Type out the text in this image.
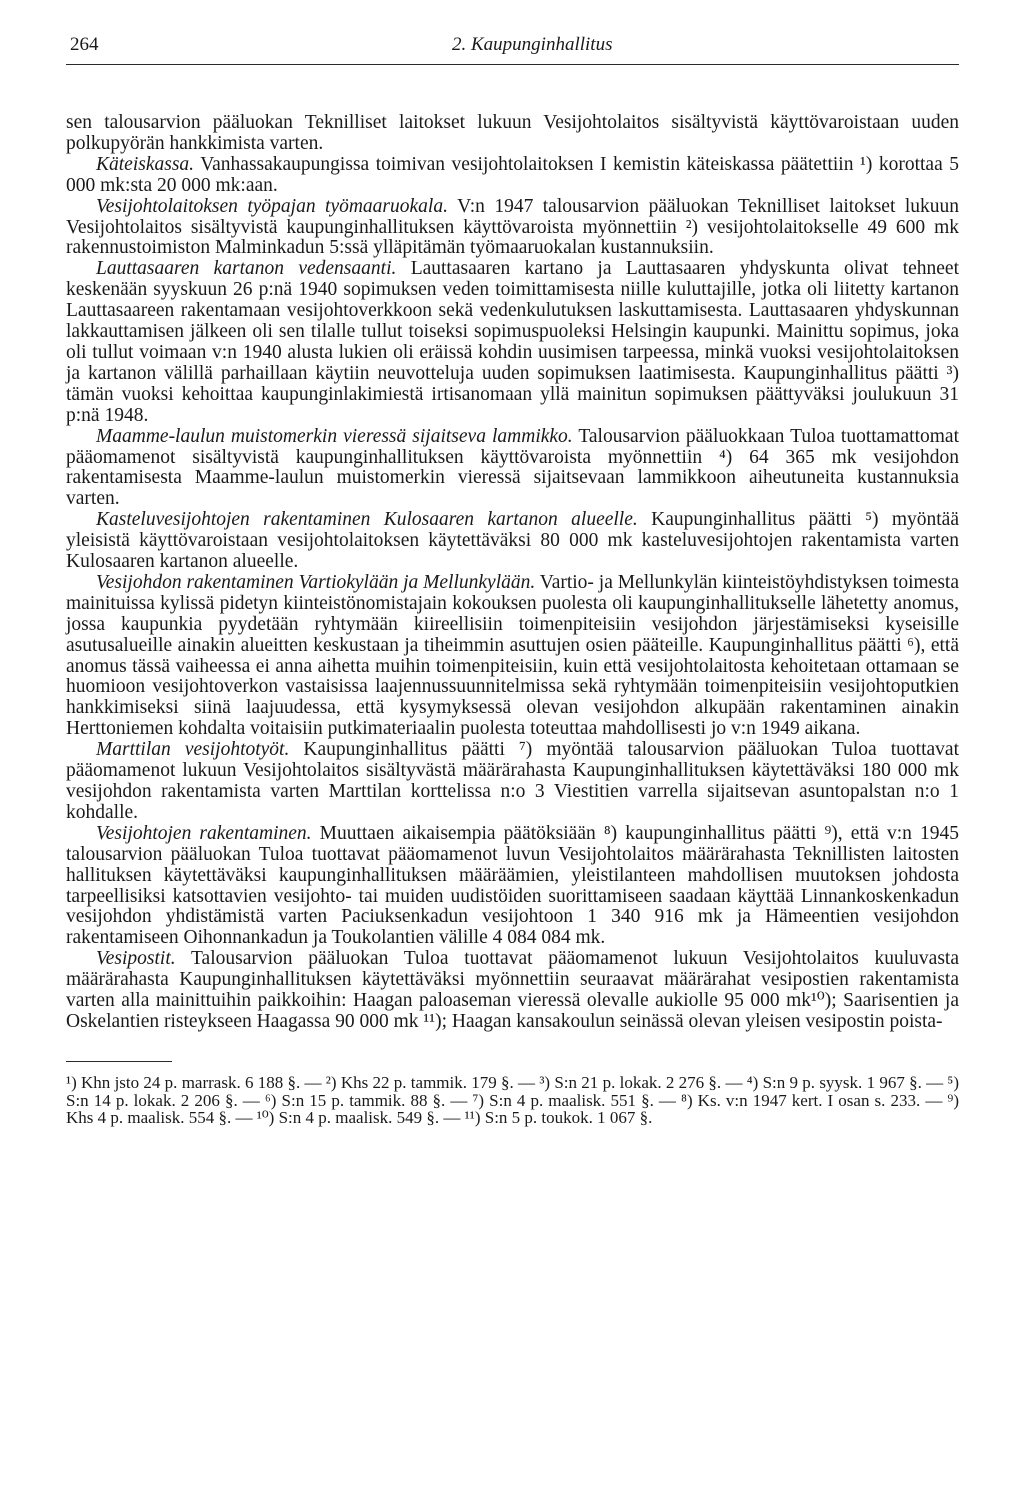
264	2. Kaupunginhallitus

sen talousarvion pääluokan Teknilliset laitokset lukuun Vesijohtolaitos sisältyvistä käyttövaroistaan uuden polkupyörän hankkimista varten.

Käteiskassa. Vanhassakaupungissa toimivan vesijohtolaitoksen I kemistin käteiskassa päätettiin ¹) korottaa 5 000 mk:sta 20 000 mk:aan.

Vesijohtolaitoksen työpajan työmaaruokala. V:n 1947 talousarvion pääluokan Teknilliset laitokset lukuun Vesijohtolaitos sisältyvistä kaupunginhallituksen käyttövaroista myönnettiin ²) vesijohtolaitokselle 49 600 mk rakennustoimiston Malminkadun 5:ssä ylläpitämän työmaaruokalan kustannuksiin.

Lauttasaaren kartanon vedensaanti. Lauttasaaren kartano ja Lauttasaaren yhdyskunta olivat tehneet keskenään syyskuun 26 p:nä 1940 sopimuksen veden toimittamisesta niille kuluttajille, jotka oli liitetty kartanon Lauttasaareen rakentamaan vesijohtoverkkoon sekä vedenkulutuksen laskuttamisesta. Lauttasaaren yhdyskunnan lakkauttamisen jälkeen oli sen tilalle tullut toiseksi sopimuspuoleksi Helsingin kaupunki. Mainittu sopimus, joka oli tullut voimaan v:n 1940 alusta lukien oli eräissä kohdin uusimisen tarpeessa, minkä vuoksi vesijohtolaitoksen ja kartanon välillä parhaillaan käytiin neuvotteluja uuden sopimuksen laatimisesta. Kaupunginhallitus päätti ³) tämän vuoksi kehoittaa kaupunginlakimiestä irtisanomaan yllä mainitun sopimuksen päättyväksi joulukuun 31 p:nä 1948.

Maamme-laulun muistomerkin vieressä sijaitseva lammikko. Talousarvion pääluokkaan Tuloa tuottamattomat pääomamenot sisältyvistä kaupunginhallituksen käyttövaroista myönnettiin ⁴) 64 365 mk vesijohdon rakentamisesta Maamme-laulun muistomerkin vieressä sijaitsevaan lammikkoon aiheutuneita kustannuksia varten.

Kasteluvesijohtojen rakentaminen Kulosaaren kartanon alueelle. Kaupunginhallitus päätti ⁵) myöntää yleisistä käyttövaroistaan vesijohtolaitoksen käytettäväksi 80 000 mk kasteluvesijohtojen rakentamista varten Kulosaaren kartanon alueelle.

Vesijohdon rakentaminen Vartiokylään ja Mellunkylään. Vartio- ja Mellunkylän kiinteistöyhdistyksen toimesta mainituissa kylissä pidetyn kiinteistönomistajain kokouksen puolesta oli kaupunginhallitukselle lähetetty anomus, jossa kaupunkia pyydetään ryhtymään kiireellisiin toimenpiteisiin vesijohdon järjestämiseksi kyseisille asutusalueille ainakin alueitten keskustaan ja tiheimmin asuttujen osien pääteille. Kaupunginhallitus päätti ⁶), että anomus tässä vaiheessa ei anna aihetta muihin toimenpiteisiin, kuin että vesijohtolaitosta kehoitetaan ottamaan se huomioon vesijohtoverkon vastaisissa laajennussuunnitelmissa sekä ryhtymään toimenpiteisiin vesijohtoputkien hankkimiseksi siinä laajuudessa, että kysymyksessä olevan vesijohdon alkupään rakentaminen ainakin Herttoniemen kohdalta voitaisiin putkimateriaalin puolesta toteuttaa mahdollisesti jo v:n 1949 aikana.

Marttilan vesijohtotyöt. Kaupunginhallitus päätti ⁷) myöntää talousarvion pääluokan Tuloa tuottavat pääomamenot lukuun Vesijohtolaitos sisältyvästä määrärahasta Kaupunginhallituksen käytettäväksi 180 000 mk vesijohdon rakentamista varten Marttilan korttelissa n:o 3 Viestitien varrella sijaitsevan asuntopalstan n:o 1 kohdalle.

Vesijohtojen rakentaminen. Muuttaen aikaisempia päätöksiään ⁸) kaupunginhallitus päätti ⁹), että v:n 1945 talousarvion pääluokan Tuloa tuottavat pääomamenot luvun Vesijohtolaitos määrärahasta Teknillisten laitosten hallituksen käytettäväksi kaupunginhallituksen määräämien, yleistilanteen mahdollisen muutoksen johdosta tarpeellisiksi katsottavien vesijohto- tai muiden uudistöiden suorittamiseen saadaan käyttää Linnankoskenkadun vesijohdon yhdistämistä varten Paciuksenkadun vesijohtoon 1 340 916 mk ja Hämeentien vesijohdon rakentamiseen Oihonnankadun ja Toukolantien välille 4 084 084 mk.

Vesipostit. Talousarvion pääluokan Tuloa tuottavat pääomamenot lukuun Vesijohtolaitos kuuluvasta määrärahasta Kaupunginhallituksen käytettäväksi myönnettiin seuraavat määrärahat vesipostien rakentamista varten alla mainittuihin paikkoihin: Haagan paloaseman vieressä olevalle aukiolle 95 000 mk¹⁰); Saarisentien ja Oskelantien risteykseen Haagassa 90 000 mk ¹¹); Haagan kansakoulun seinässä olevan yleisen vesipostin poista-

¹) Khn jsto 24 p. marrask. 6 188 §. — ²) Khs 22 p. tammik. 179 §. — ³) S:n 21 p. lokak. 2 276 §. — ⁴) S:n 9 p. syysk. 1 967 §. — ⁵) S:n 14 p. lokak. 2 206 §. — ⁶) S:n 15 p. tammik. 88 §. — ⁷) S:n 4 p. maalisk. 551 §. — ⁸) Ks. v:n 1947 kert. I osan s. 233. — ⁹) Khs 4 p. maalisk. 554 §. — ¹⁰) S:n 4 p. maalisk. 549 §. — ¹¹) S:n 5 p. toukok. 1 067 §.
